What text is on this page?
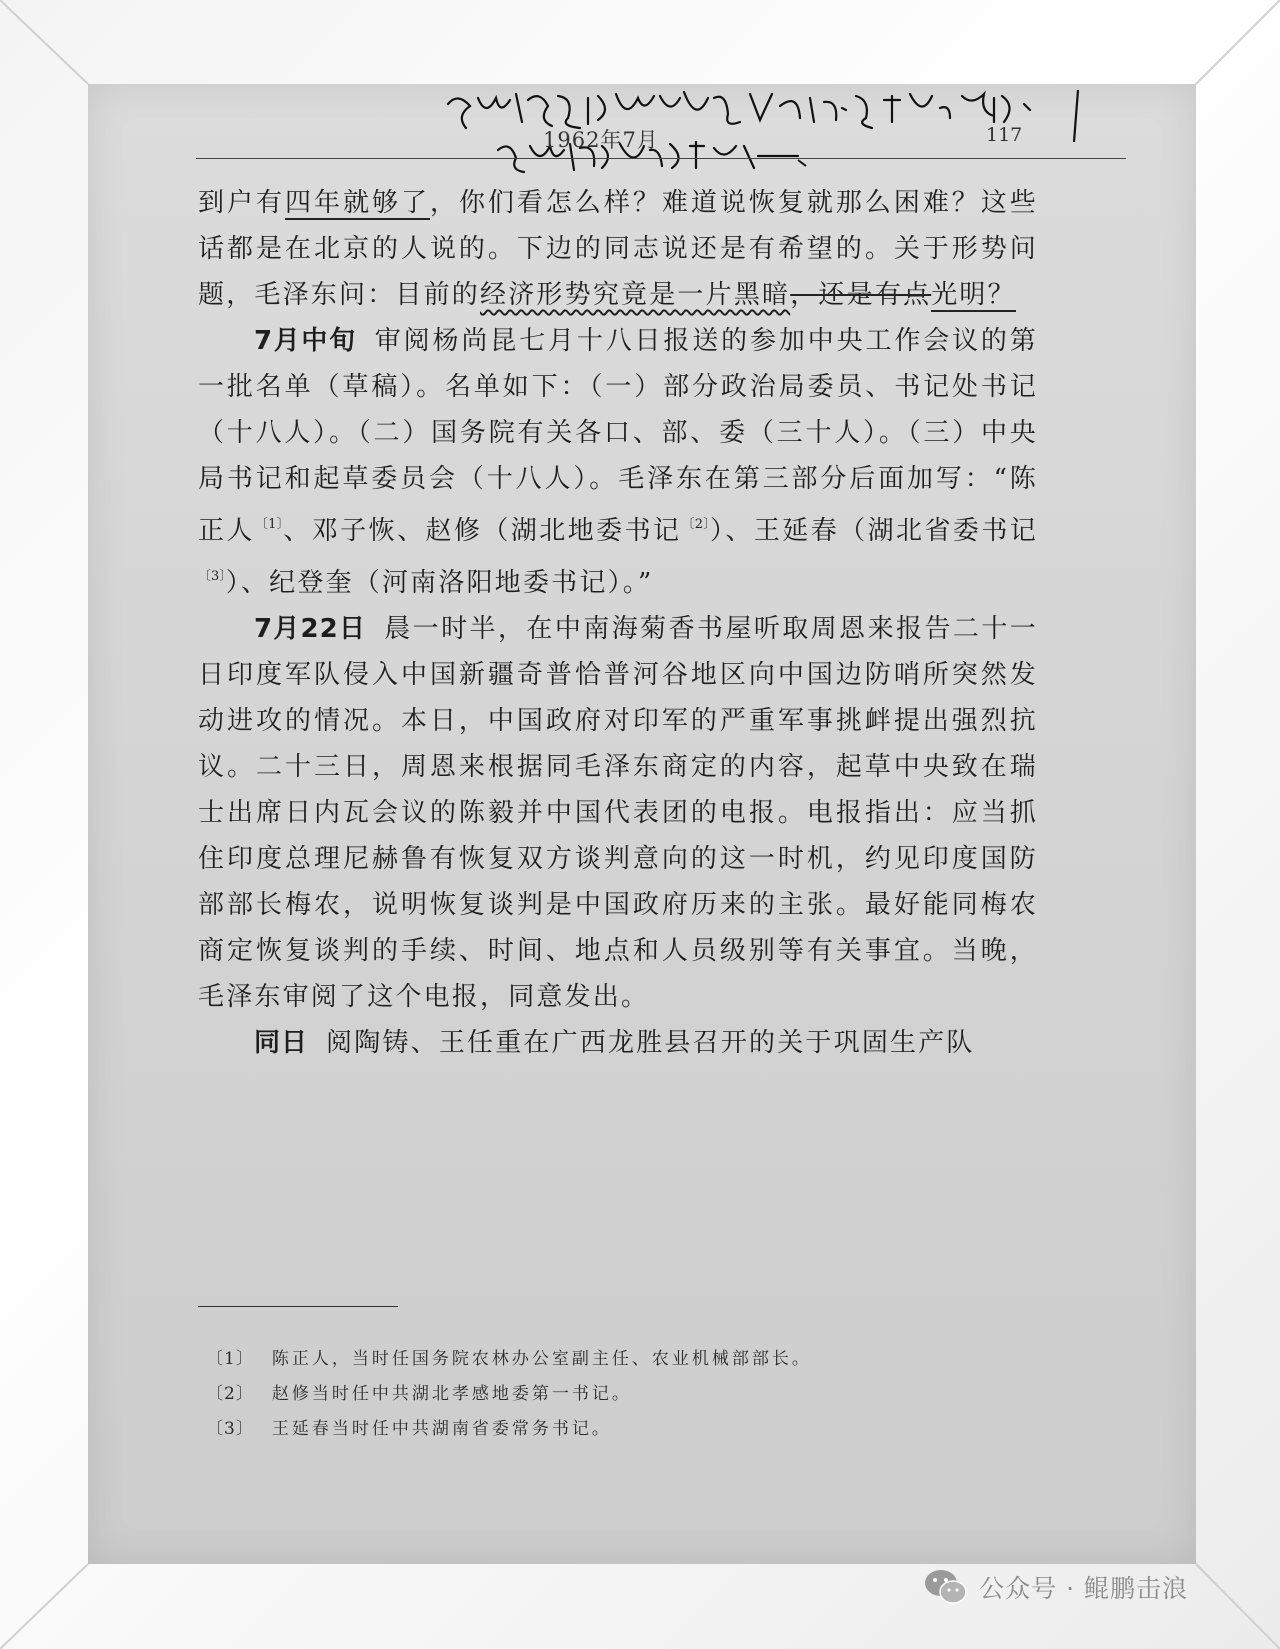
1962年7月	117

到户有四年就够了，你们看怎么样？难道说恢复就那么困难？这些话都是在北京的人说的。下边的同志说还是有希望的。关于形势问题，毛泽东问：目前的经济形势究竟是一片黑暗，还是有点光明？

7月中旬 审阅杨尚昆七月十八日报送的参加中央工作会议的第一批名单（草稿）。名单如下：（一）部分政治局委员、书记处书记（十八人）。（二）国务院有关各口、部、委（三十人）。（三）中央局书记和起草委员会（十八人）。毛泽东在第三部分后面加写：“陈正人$^{〔1〕}$、邓子恢、赵修（湖北地委书记$^{〔2〕}$）、王延春（湖北省委书记$^{〔3〕}$）、纪登奎（河南洛阳地委书记）。”

7月22日 晨一时半，在中南海菊香书屋听取周恩来报告二十一日印度军队侵入中国新疆奇普恰普河谷地区向中国边防哨所突然发动进攻的情况。本日，中国政府对印军的严重军事挑衅提出强烈抗议。二十三日，周恩来根据同毛泽东商定的内容，起草中央致在瑞士出席日内瓦会议的陈毅并中国代表团的电报。电报指出：应当抓住印度总理尼赫鲁有恢复双方谈判意向的这一时机，约见印度国防部部长梅农，说明恢复谈判是中国政府历来的主张。最好能同梅农商定恢复谈判的手续、时间、地点和人员级别等有关事宜。当晚，毛泽东审阅了这个电报，同意发出。

同日 阅陶铸、王任重在广西龙胜县召开的关于巩固生产队

〔1〕 陈正人，当时任国务院农林办公室副主任、农业机械部部长。

〔2〕 赵修当时任中共湖北孝感地委第一书记。

〔3〕 王延春当时任中共湖南省委常务书记。

公众号 · 鲲鹏击浪
